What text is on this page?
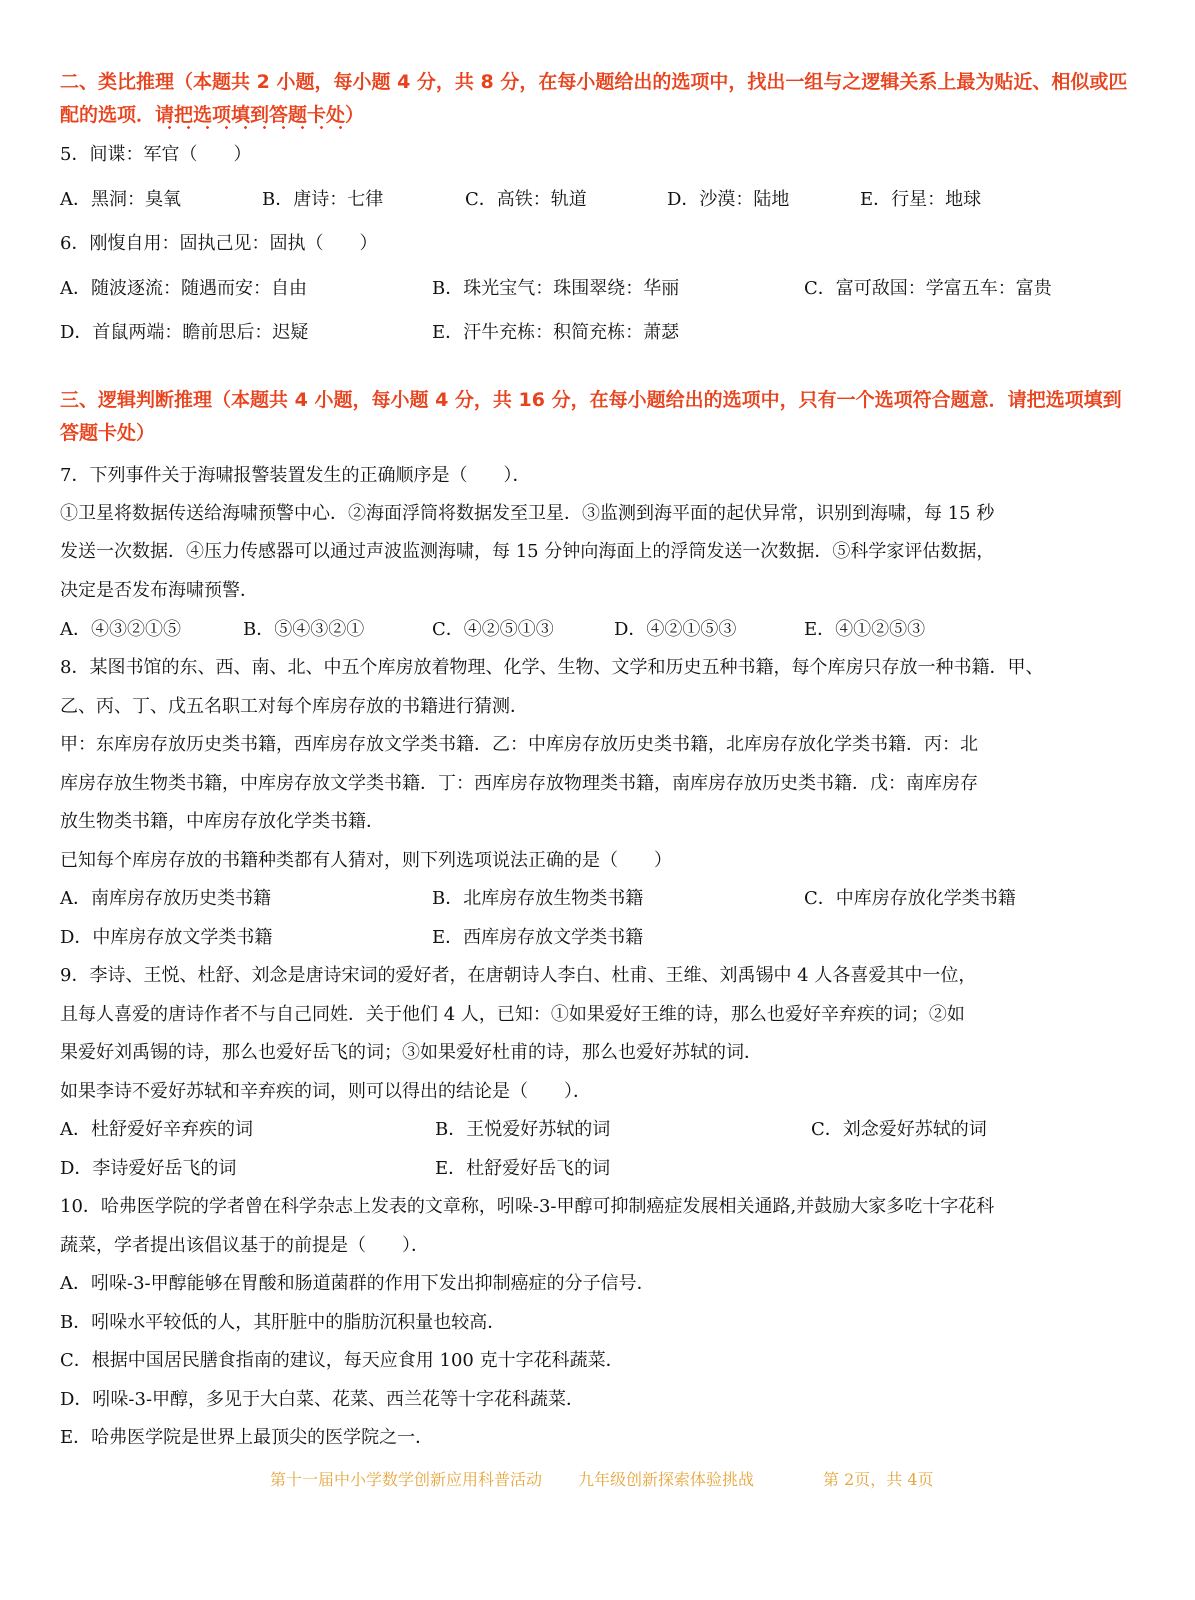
二、类比推理（本题共 2 小题，每小题 4 分，共 8 分，在每小题给出的选项中，找出一组与之逻辑关系上最为贴近、相似或匹配的选项．请把选项填到答题卡处）
5．间谍：军官（　　）
A．黑洞：臭氧	B．唐诗：七律	C．高铁：轨道	D．沙漠：陆地	E．行星：地球
6．刚愎自用：固执己见：固执（　　）
A．随波逐流：随遇而安：自由	B．珠光宝气：珠围翠绕：华丽	C．富可敌国：学富五车：富贵
D．首鼠两端：瞻前思后：迟疑	E．汗牛充栋：积简充栋：萧瑟
三、逻辑判断推理（本题共 4 小题，每小题 4 分，共 16 分，在每小题给出的选项中，只有一个选项符合题意．请把选项填到答题卡处）
7．下列事件关于海啸报警装置发生的正确顺序是（　　）．
①卫星将数据传送给海啸预警中心．②海面浮筒将数据发至卫星．③监测到海平面的起伏异常，识别到海啸，每 15 秒
发送一次数据．④压力传感器可以通过声波监测海啸，每 15 分钟向海面上的浮筒发送一次数据．⑤科学家评估数据，
决定是否发布海啸预警．
A．④③②①⑤	B．⑤④③②①	C．④②⑤①③	D．④②①⑤③	E．④①②⑤③
8．某图书馆的东、西、南、北、中五个库房放着物理、化学、生物、文学和历史五种书籍，每个库房只存放一种书籍．甲、
乙、丙、丁、戊五名职工对每个库房存放的书籍进行猜测．
甲：东库房存放历史类书籍，西库房存放文学类书籍．乙：中库房存放历史类书籍，北库房存放化学类书籍．丙：北
库房存放生物类书籍，中库房存放文学类书籍．丁：西库房存放物理类书籍，南库房存放历史类书籍．戊：南库房存
放生物类书籍，中库房存放化学类书籍．
已知每个库房存放的书籍种类都有人猜对，则下列选项说法正确的是（　　）
A．南库房存放历史类书籍	B．北库房存放生物类书籍	C．中库房存放化学类书籍
D．中库房存放文学类书籍	E．西库房存放文学类书籍
9．李诗、王悦、杜舒、刘念是唐诗宋词的爱好者，在唐朝诗人李白、杜甫、王维、刘禹锡中 4 人各喜爱其中一位，
且每人喜爱的唐诗作者不与自己同姓．关于他们 4 人，已知：①如果爱好王维的诗，那么也爱好辛弃疾的词；②如
果爱好刘禹锡的诗，那么也爱好岳飞的词；③如果爱好杜甫的诗，那么也爱好苏轼的词．
如果李诗不爱好苏轼和辛弃疾的词，则可以得出的结论是（　　）．
A．杜舒爱好辛弃疾的词	B．王悦爱好苏轼的词	C．刘念爱好苏轼的词
D．李诗爱好岳飞的词	E．杜舒爱好岳飞的词
10．哈弗医学院的学者曾在科学杂志上发表的文章称，吲哚-3-甲醇可抑制癌症发展相关通路,并鼓励大家多吃十字花科
蔬菜，学者提出该倡议基于的前提是（　　）．
A．吲哚-3-甲醇能够在胃酸和肠道菌群的作用下发出抑制癌症的分子信号．
B．吲哚水平较低的人，其肝脏中的脂肪沉积量也较高．
C．根据中国居民膳食指南的建议，每天应食用 100 克十字花科蔬菜．
D．吲哚-3-甲醇，多见于大白菜、花菜、西兰花等十字花科蔬菜．
E．哈弗医学院是世界上最顶尖的医学院之一．
第十一届中小学数学创新应用科普活动 九年级创新探索体验挑战	第 2页，共 4页
